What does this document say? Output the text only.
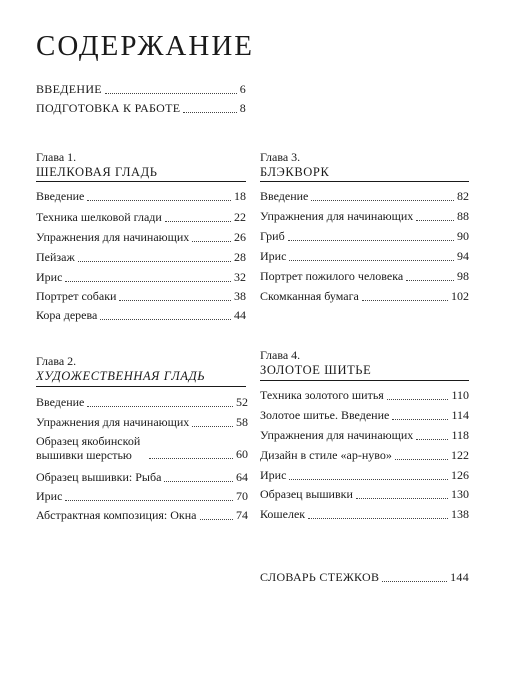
СОДЕРЖАНИЕ
ВВЕДЕНИЕ	6
ПОДГОТОВКА К РАБОТЕ	8
Глава 1.
ШЕЛКОВАЯ ГЛАДЬ
Введение	18
Техника шелковой глади	22
Упражнения для начинающих	26
Пейзаж	28
Ирис	32
Портрет собаки	38
Кора дерева	44
Глава 2.
ХУДОЖЕСТВЕННАЯ ГЛАДЬ
Введение	52
Упражнения для начинающих	58
Образец якобинской вышивки шерстью	60
Образец вышивки: Рыба	64
Ирис	70
Абстрактная композиция: Окна	74
Глава 3.
БЛЭКВОРК
Введение	82
Упражнения для начинающих	88
Гриб	90
Ирис	94
Портрет пожилого человека	98
Скомканная бумага	102
Глава 4.
ЗОЛОТОЕ ШИТЬЕ
Техника золотого шитья	110
Золотое шитье. Введение	114
Упражнения для начинающих	118
Дизайн в стиле «ар-нуво»	122
Ирис	126
Образец вышивки	130
Кошелек	138
СЛОВАРЬ СТЕЖКОВ	144
